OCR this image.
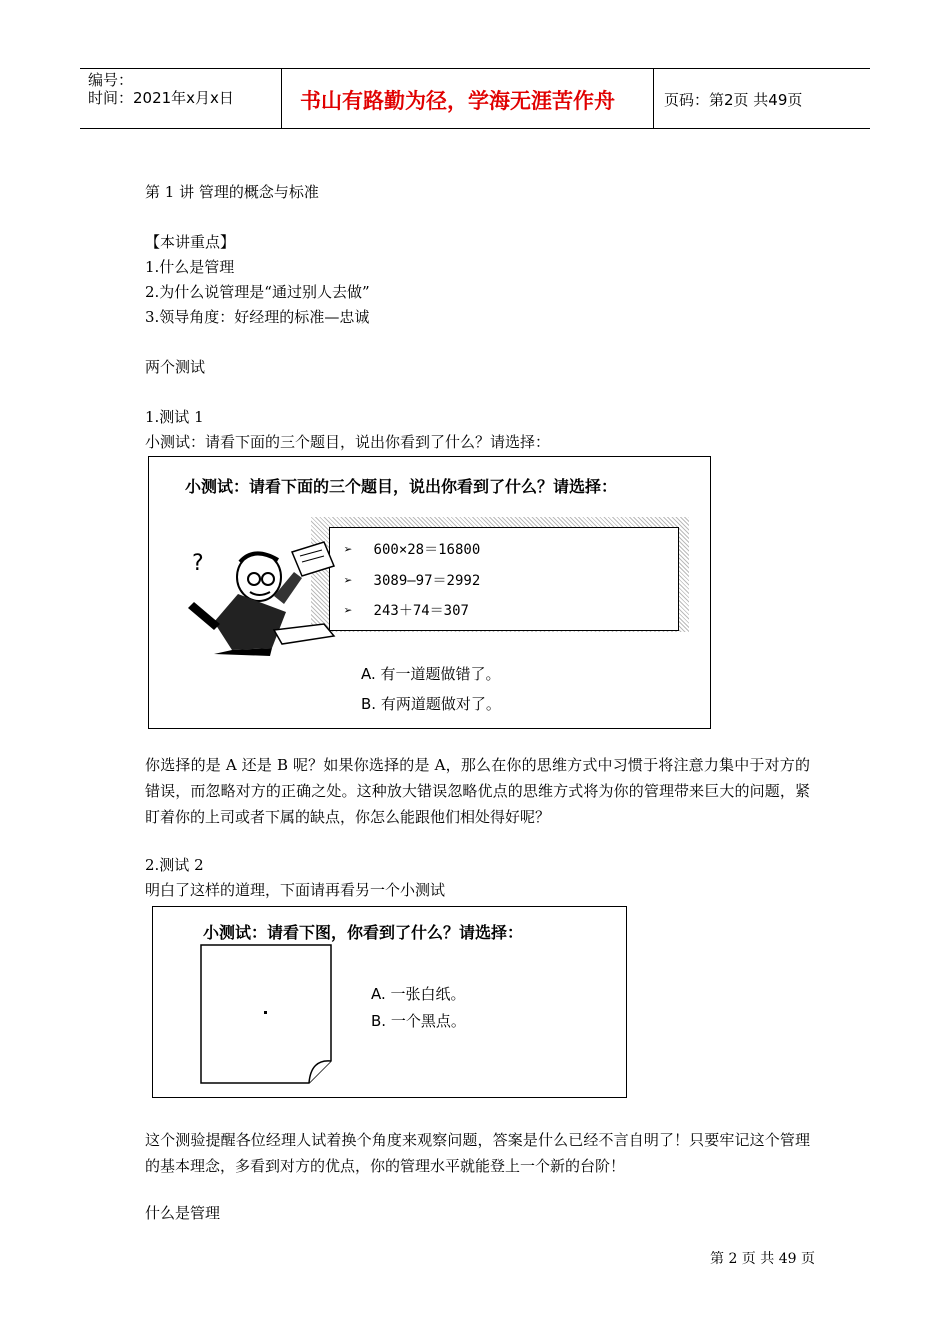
编号：
时间：2021年x月x日	书山有路勤为径，学海无涯苦作舟	页码：第2页 共49页
第 1 讲 管理的概念与标准
【本讲重点】
1.什么是管理
2.为什么说管理是“通过别人去做”
3.领导角度：好经理的标准—忠诚
两个测试
1.测试 1
小测试：请看下面的三个题目，说出你看到了什么？请选择：
小测试：请看下面的三个题目，说出你看到了什么？请选择：
➢ 600×28＝16800
➢ 3089—97＝2992
➢ 243＋74＝307
?
A. 有一道题做错了。
B. 有两道题做对了。
你选择的是 A 还是 B 呢？如果你选择的是 A，那么在你的思维方式中习惯于将注意力集中于对方的错误，而忽略对方的正确之处。这种放大错误忽略优点的思维方式将为你的管理带来巨大的问题，紧盯着你的上司或者下属的缺点，你怎么能跟他们相处得好呢？
2.测试 2
明白了这样的道理，下面请再看另一个小测试
小测试：请看下图，你看到了什么？请选择：
A. 一张白纸。
B. 一个黑点。
这个测验提醒各位经理人试着换个角度来观察问题，答案是什么已经不言自明了！只要牢记这个管理的基本理念，多看到对方的优点，你的管理水平就能登上一个新的台阶！
什么是管理
第 2 页 共 49 页
